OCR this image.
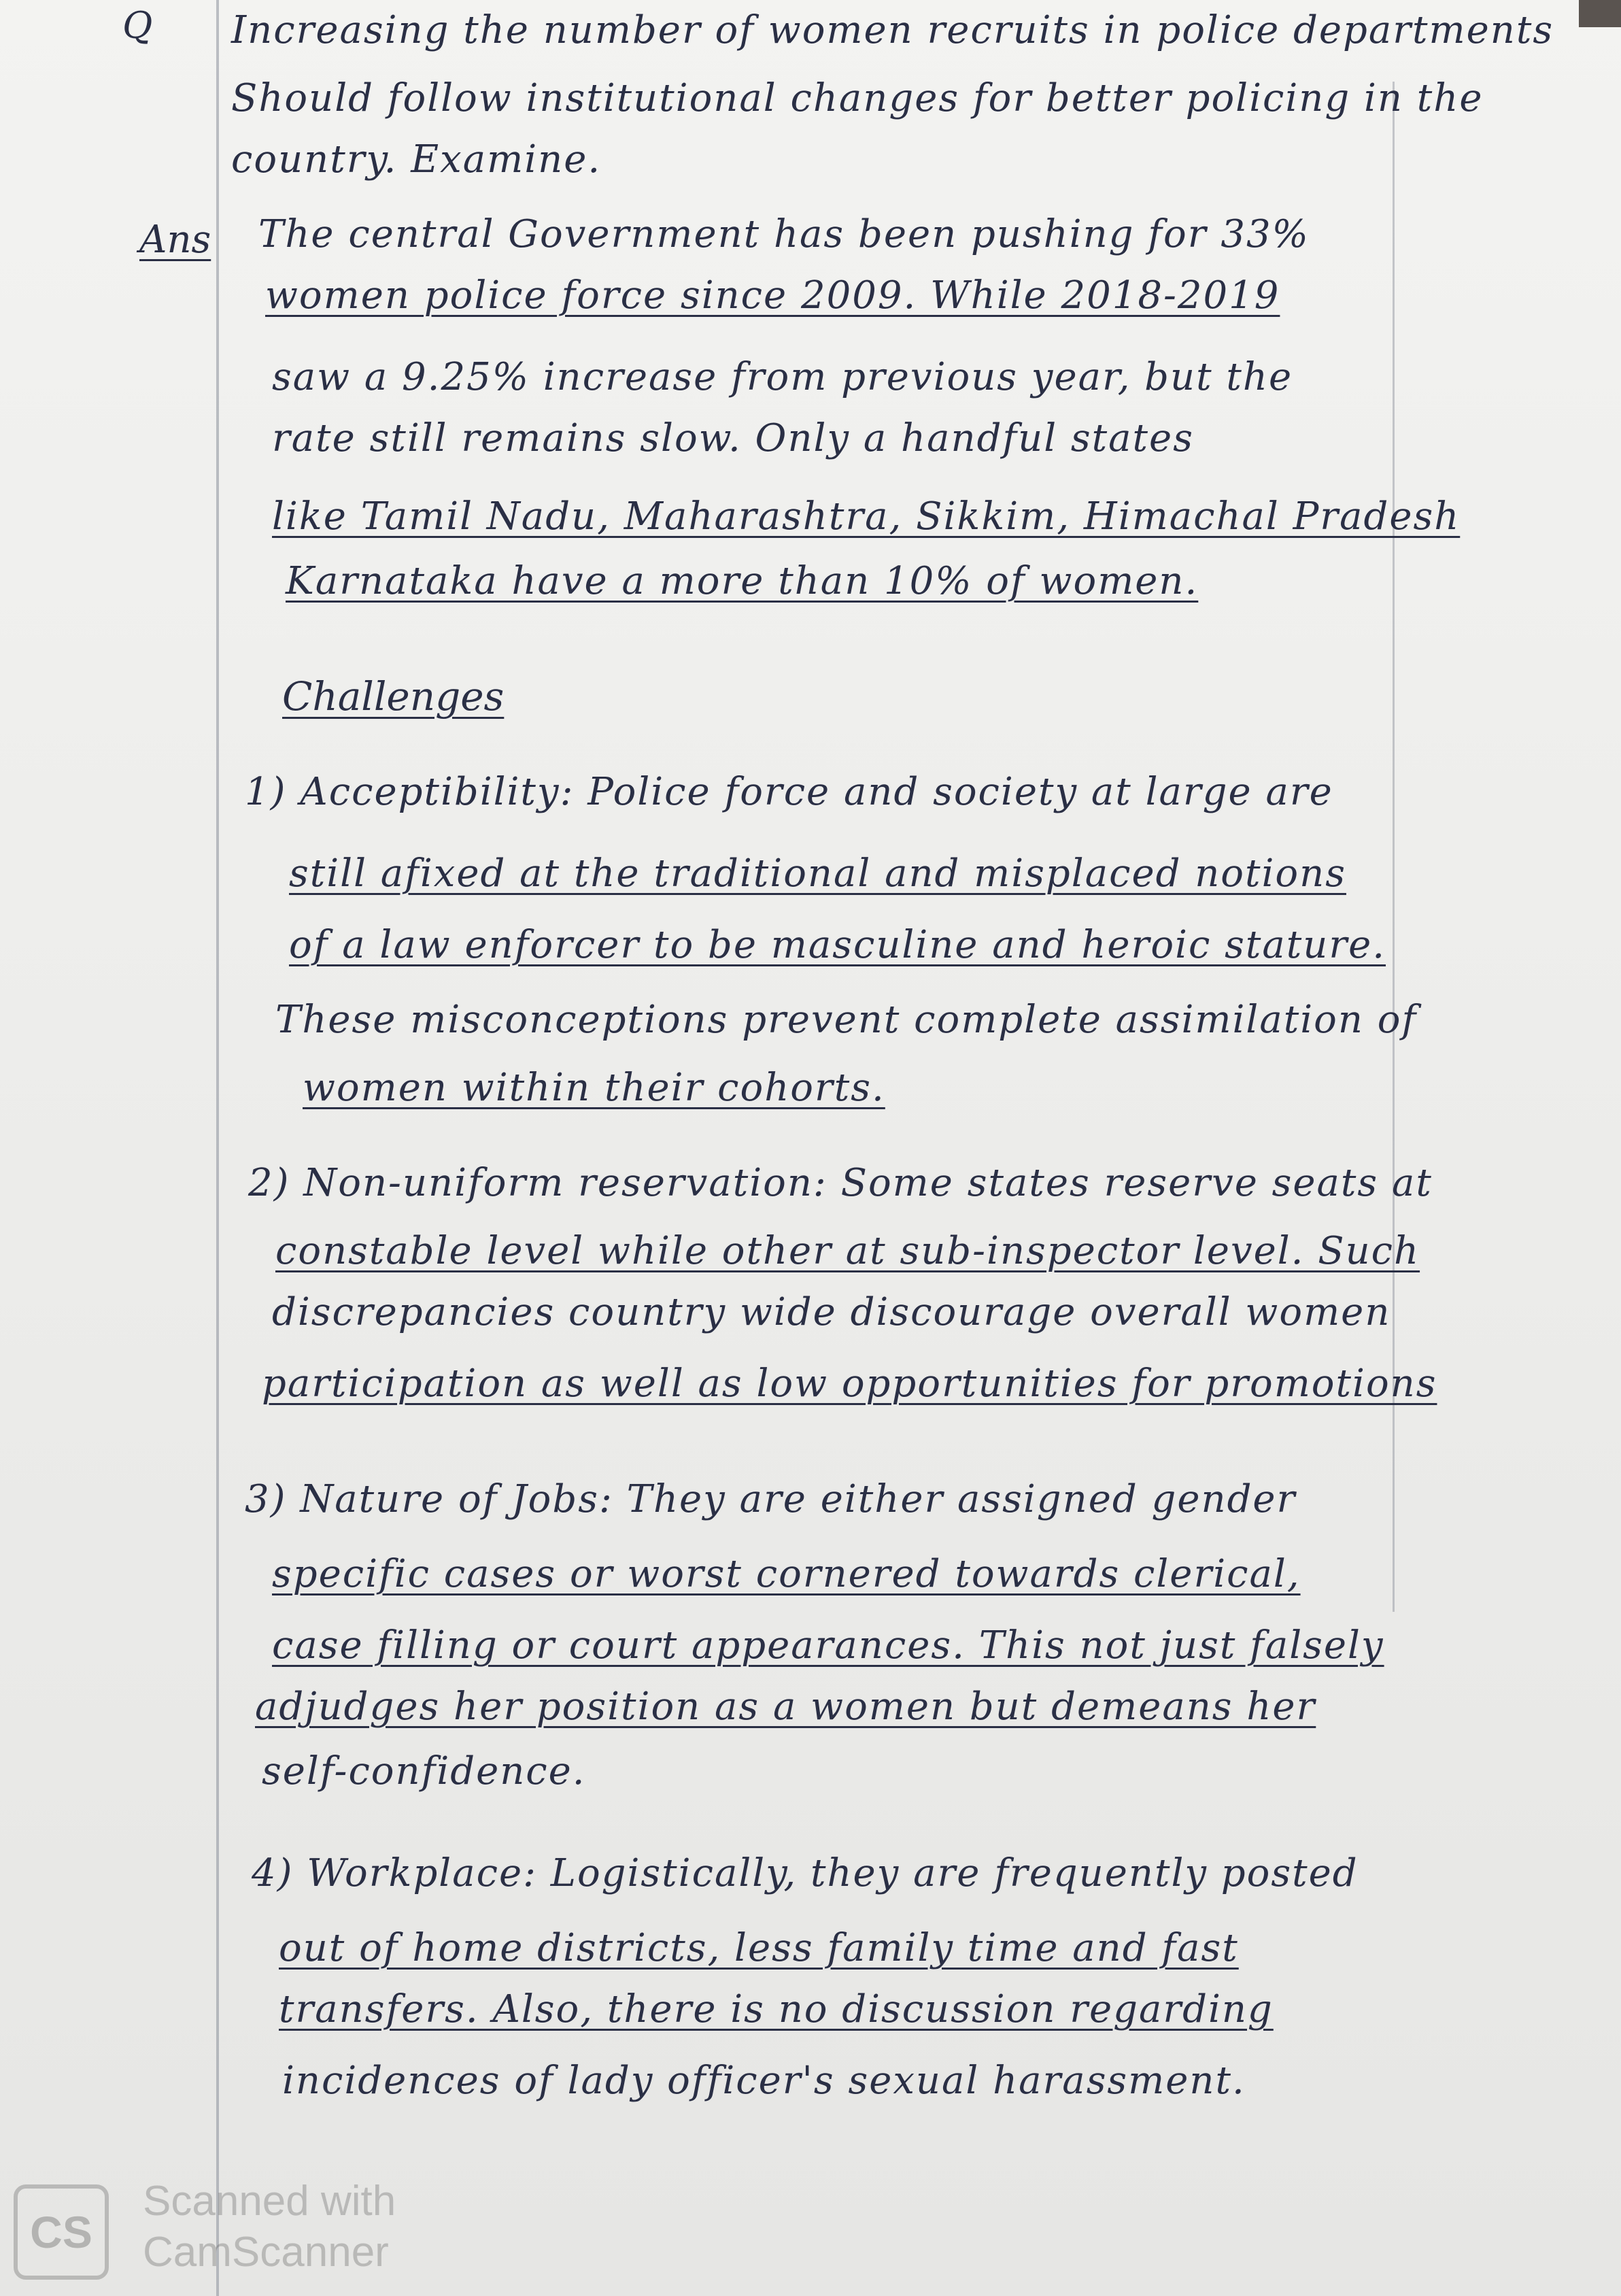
Q Increasing the number of women recruits in police departments
Should follow institutional changes for better policing in the
country. Examine.
Ans The central Government has been pushing for 33%
women police force since 2009. While 2018-2019
saw a 9.25% increase from previous year, but the
rate still remains slow. Only a handful states
like Tamil Nadu, Maharashtra, Sikkim, Himachal Pradesh
Karnataka have a more than 10% of women.
Challenges
1) Acceptibility: Police force and society at large are
still afixed at the traditional and misplaced notions
of a law enforcer to be masculine and heroic stature.
These misconceptions prevent complete assimilation of
women within their cohorts.
2) Non-uniform reservation: Some states reserve seats at
constable level while other at sub-inspector level. Such
discrepancies country wide discourage overall women
participation as well as low opportunities for promotions
3) Nature of Jobs: They are either assigned gender
specific cases or worst cornered towards clerical,
case filling or court appearances. This not just falsely
adjudges her position as a women but demeans her
self-confidence.
4) Workplace: Logistically, they are frequently posted
out of home districts, less family time and fast
transfers. Also, there is no discussion regarding
incidences of lady officer's sexual harassment.
CS
Scanned with
CamScanner
